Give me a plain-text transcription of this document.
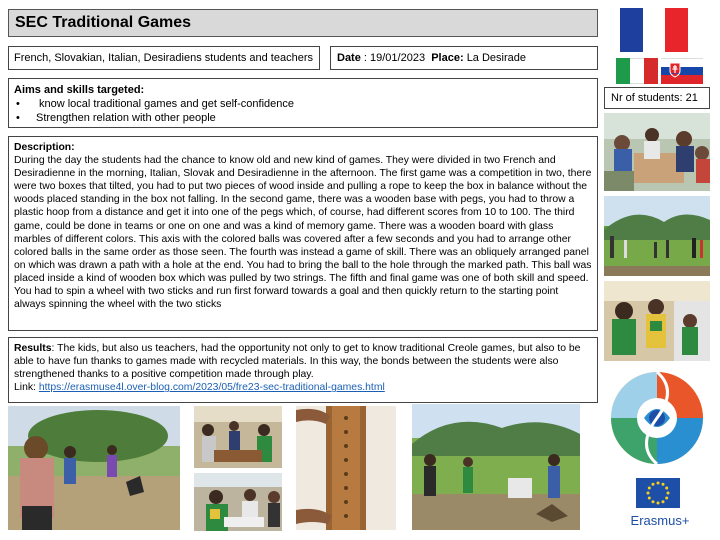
SEC Traditional Games
French, Slovakian, Italian, Desiradiens students and teachers	Date : 19/01/2023 Place: La Desirade
Aims and skills targeted:
• know local traditional games and get self-confidence
• Strengthen relation with other people
Nr of students: 21
Description:
During the day the students had the chance to know old and new kind of games. They were divided in two French and Desiradienne in the morning, Italian, Slovak and Desiradienne in the afternoon. The first game was a competition in two, there were two boxes that tilted, you had to put two pieces of wood inside and pulling a rope to keep the box in balance without the woods placed standing in the box not falling. In the second game, there was a wooden base with pegs, you had to throw a plastic hoop from a distance and get it into one of the pegs which, of course, had different scores from 10 to 100. The third game, could be done in teams or one on one and was a kind of memory game. There was a wooden board with glass marbles of different colors. This axis with the colored balls was covered after a few seconds and you had to arrange other colored balls in the same order as those seen. The fourth was instead a game of skill. There was an obliquely arranged panel on which was drawn a path with a hole at the end. You had to bring the ball to the hole through the marked path. This ball was placed inside a kind of wooden box which was pulled by two strings. The fifth and final game was one of both skill and speed. You had to spin a wheel with two sticks and run first forward towards a goal and then quickly return to the starting point always spinning the wheel with the two sticks
Results: The kids, but also us teachers, had the opportunity not only to get to know traditional Creole games, but also to be able to have fun thanks to games made with recycled materials. In this way, the bonds between the students were also strengthened thanks to a positive competition made through play.
Link: https://erasmuse4l.over-blog.com/2023/05/fre23-sec-traditional-games.html
Erasmus+
